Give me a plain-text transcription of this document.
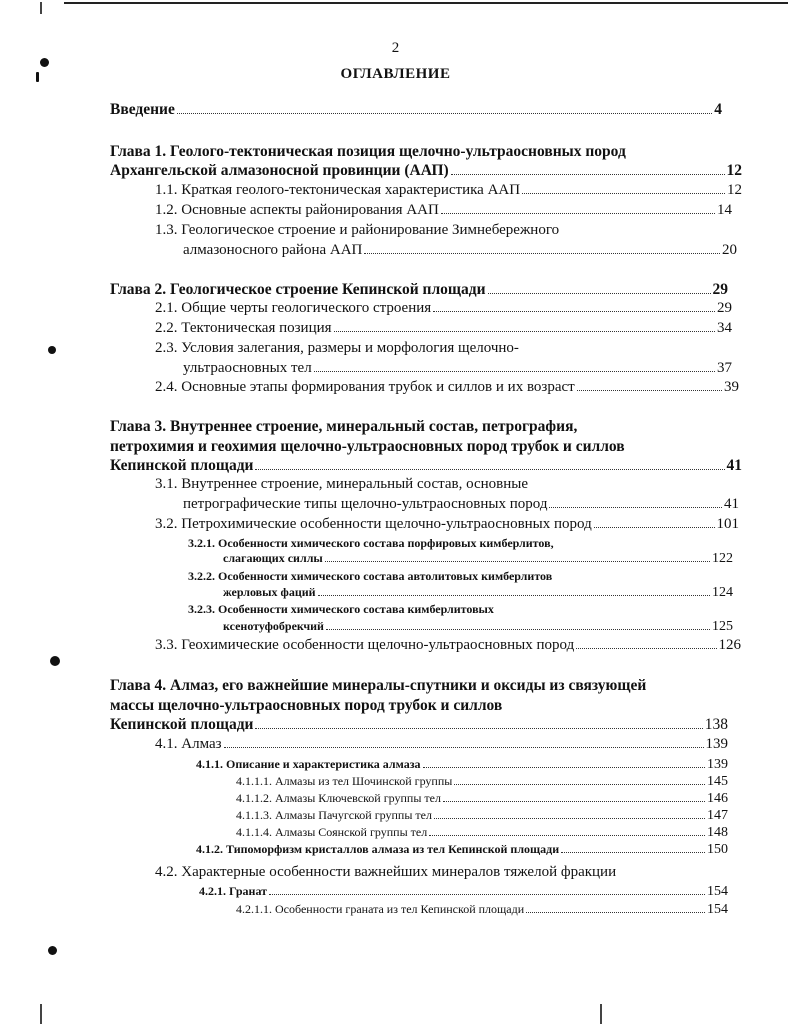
2
ОГЛАВЛЕНИЕ
Введение	4
Глава 1. Геолого-тектоническая позиция щелочно-ультраосновных пород
Архангельской алмазоносной провинции (ААП)	12
1.1. Краткая геолого-тектоническая характеристика ААП	12
1.2. Основные аспекты районирования ААП	14
1.3. Геологическое строение и районирование Зимнебережного
алмазоносного района ААП	20
Глава 2. Геологическое строение Кепинской площади	29
2.1. Общие черты геологического строения	29
2.2. Тектоническая позиция	34
2.3. Условия залегания, размеры и морфология щелочно-
ультраосновных тел	37
2.4. Основные этапы формирования трубок и силлов и их возраст	39
Глава 3. Внутреннее строение, минеральный состав, петрография,
петрохимия и геохимия щелочно-ультраосновных пород трубок и силлов
Кепинской площади	41
3.1. Внутреннее строение, минеральный состав, основные
петрографические типы щелочно-ультраосновных пород	41
3.2. Петрохимические особенности щелочно-ультраосновных пород	101
3.2.1. Особенности химического состава порфировых кимберлитов,
слагающих силлы	122
3.2.2. Особенности химического состава автолитовых кимберлитов
жерловых фаций	124
3.2.3. Особенности химического состава кимберлитовых
ксенотуфобрекчий	125
3.3. Геохимические особенности щелочно-ультраосновных пород	126
Глава 4. Алмаз, его важнейшие минералы-спутники и оксиды из связующей
массы щелочно-ультраосновных пород трубок и силлов
Кепинской площади	138
4.1. Алмаз	139
4.1.1. Описание и характеристика алмаза	139
4.1.1.1. Алмазы из тел Шочинской группы	145
4.1.1.2. Алмазы Ключевской группы тел	146
4.1.1.3. Алмазы Пачугской группы тел	147
4.1.1.4. Алмазы Соянской группы тел	148
4.1.2. Типоморфизм кристаллов алмаза из тел Кепинской площади	150
4.2. Характерные особенности важнейших минералов тяжелой фракции
4.2.1. Гранат	154
4.2.1.1. Особенности граната из тел Кепинской площади	154
